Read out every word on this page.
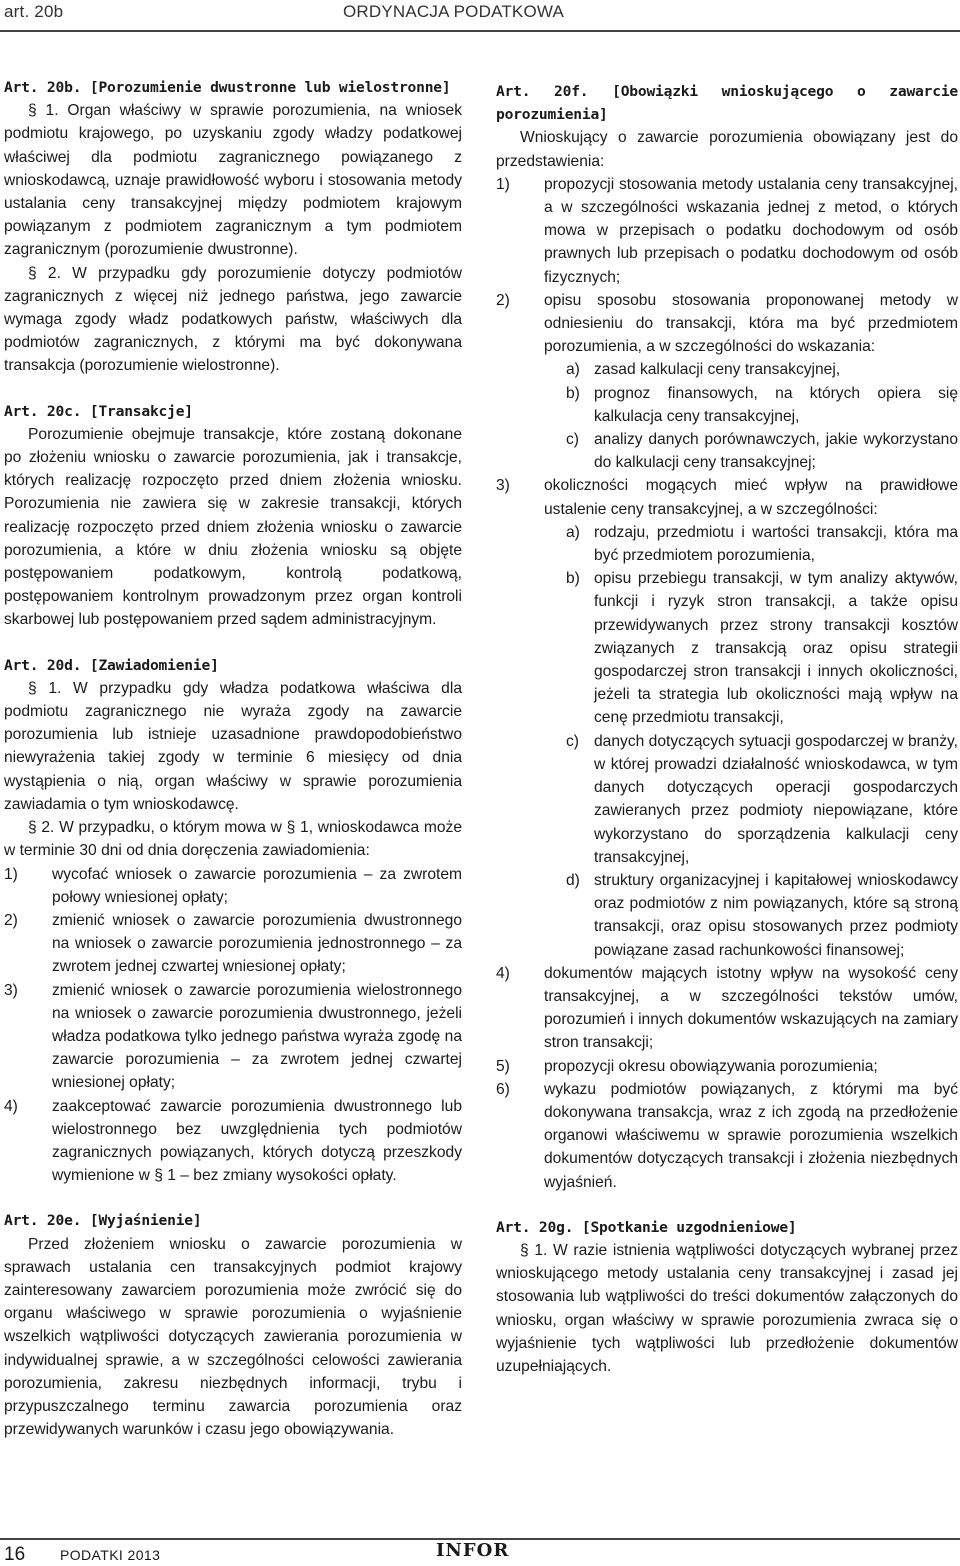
art. 20b	ORDYNACJA PODATKOWA

Art. 20b. [Porozumienie dwustronne lub wielostronne]

§ 1. Organ właściwy w sprawie porozumienia, na wniosek podmiotu krajowego, po uzyskaniu zgody władzy podatkowej właściwej dla podmiotu zagranicznego powiązanego z wnioskodawcą, uznaje prawidłowość wyboru i stosowania metody ustalania ceny transakcyjnej między podmiotem krajowym powiązanym z podmiotem zagranicznym a tym podmiotem zagranicznym (porozumienie dwustronne).

§ 2. W przypadku gdy porozumienie dotyczy podmiotów zagranicznych z więcej niż jednego państwa, jego zawarcie wymaga zgody władz podatkowych państw, właściwych dla podmiotów zagranicznych, z którymi ma być dokonywana transakcja (porozumienie wielostronne).

Art. 20c. [Transakcje]

Porozumienie obejmuje transakcje, które zostaną dokonane po złożeniu wniosku o zawarcie porozumienia, jak i transakcje, których realizację rozpoczęto przed dniem złożenia wniosku. Porozumienia nie zawiera się w zakresie transakcji, których realizację rozpoczęto przed dniem złożenia wniosku o zawarcie porozumienia, a które w dniu złożenia wniosku są objęte postępowaniem podatkowym, kontrolą podatkową, postępowaniem kontrolnym prowadzonym przez organ kontroli skarbowej lub postępowaniem przed sądem administracyjnym.

Art. 20d. [Zawiadomienie]

§ 1. W przypadku gdy władza podatkowa właściwa dla podmiotu zagranicznego nie wyraża zgody na zawarcie porozumienia lub istnieje uzasadnione prawdopodobieństwo niewyrażenia takiej zgody w terminie 6 miesięcy od dnia wystąpienia o nią, organ właściwy w sprawie porozumienia zawiadamia o tym wnioskodawcę.

§ 2. W przypadku, o którym mowa w § 1, wnioskodawca może w terminie 30 dni od dnia doręczenia zawiadomienia:

1) wycofać wniosek o zawarcie porozumienia – za zwrotem połowy wniesionej opłaty;
2) zmienić wniosek o zawarcie porozumienia dwustronnego na wniosek o zawarcie porozumienia jednostronnego – za zwrotem jednej czwartej wniesionej opłaty;
3) zmienić wniosek o zawarcie porozumienia wielostronnego na wniosek o zawarcie porozumienia dwustronnego, jeżeli władza podatkowa tylko jednego państwa wyraża zgodę na zawarcie porozumienia – za zwrotem jednej czwartej wniesionej opłaty;
4) zaakceptować zawarcie porozumienia dwustronnego lub wielostronnego bez uwzględnienia tych podmiotów zagranicznych powiązanych, których dotyczą przeszkody wymienione w § 1 – bez zmiany wysokości opłaty.

Art. 20e. [Wyjaśnienie]

Przed złożeniem wniosku o zawarcie porozumienia w sprawach ustalania cen transakcyjnych podmiot krajowy zainteresowany zawarciem porozumienia może zwrócić się do organu właściwego w sprawie porozumienia o wyjaśnienie wszelkich wątpliwości dotyczących zawierania porozumienia w indywidualnej sprawie, a w szczególności celowości zawierania porozumienia, zakresu niezbędnych informacji, trybu i przypuszczalnego terminu zawarcia porozumienia oraz przewidywanych warunków i czasu jego obowiązywania.

Art. 20f. [Obowiązki wnioskującego o zawarcie porozumienia]

Wnioskujący o zawarcie porozumienia obowiązany jest do przedstawienia:

1) propozycji stosowania metody ustalania ceny transakcyjnej, a w szczególności wskazania jednej z metod, o których mowa w przepisach o podatku dochodowym od osób prawnych lub przepisach o podatku dochodowym od osób fizycznych;
2) opisu sposobu stosowania proponowanej metody w odniesieniu do transakcji, która ma być przedmiotem porozumienia, a w szczególności do wskazania:
a) zasad kalkulacji ceny transakcyjnej,
b) prognoz finansowych, na których opiera się kalkulacja ceny transakcyjnej,
c) analizy danych porównawczych, jakie wykorzystano do kalkulacji ceny transakcyjnej;
3) okoliczności mogących mieć wpływ na prawidłowe ustalenie ceny transakcyjnej, a w szczególności:
a) rodzaju, przedmiotu i wartości transakcji, która ma być przedmiotem porozumienia,
b) opisu przebiegu transakcji, w tym analizy aktywów, funkcji i ryzyk stron transakcji, a także opisu przewidywanych przez strony transakcji kosztów związanych z transakcją oraz opisu strategii gospodarczej stron transakcji i innych okoliczności, jeżeli ta strategia lub okoliczności mają wpływ na cenę przedmiotu transakcji,
c) danych dotyczących sytuacji gospodarczej w branży, w której prowadzi działalność wnioskodawca, w tym danych dotyczących operacji gospodarczych zawieranych przez podmioty niepowiązane, które wykorzystano do sporządzenia kalkulacji ceny transakcyjnej,
d) struktury organizacyjnej i kapitałowej wnioskodawcy oraz podmiotów z nim powiązanych, które są stroną transakcji, oraz opisu stosowanych przez podmioty powiązane zasad rachunkowości finansowej;
4) dokumentów mających istotny wpływ na wysokość ceny transakcyjnej, a w szczególności tekstów umów, porozumień i innych dokumentów wskazujących na zamiary stron transakcji;
5) propozycji okresu obowiązywania porozumienia;
6) wykazu podmiotów powiązanych, z którymi ma być dokonywana transakcja, wraz z ich zgodą na przedłożenie organowi właściwemu w sprawie porozumienia wszelkich dokumentów dotyczących transakcji i złożenia niezbędnych wyjaśnień.

Art. 20g. [Spotkanie uzgodnieniowe]

§ 1. W razie istnienia wątpliwości dotyczących wybranej przez wnioskującego metody ustalania ceny transakcyjnej i zasad jej stosowania lub wątpliwości do treści dokumentów załączonych do wniosku, organ właściwy w sprawie porozumienia zwraca się o wyjaśnienie tych wątpliwości lub przedłożenie dokumentów uzupełniających.

16 PODATKI 2013	INFOR
